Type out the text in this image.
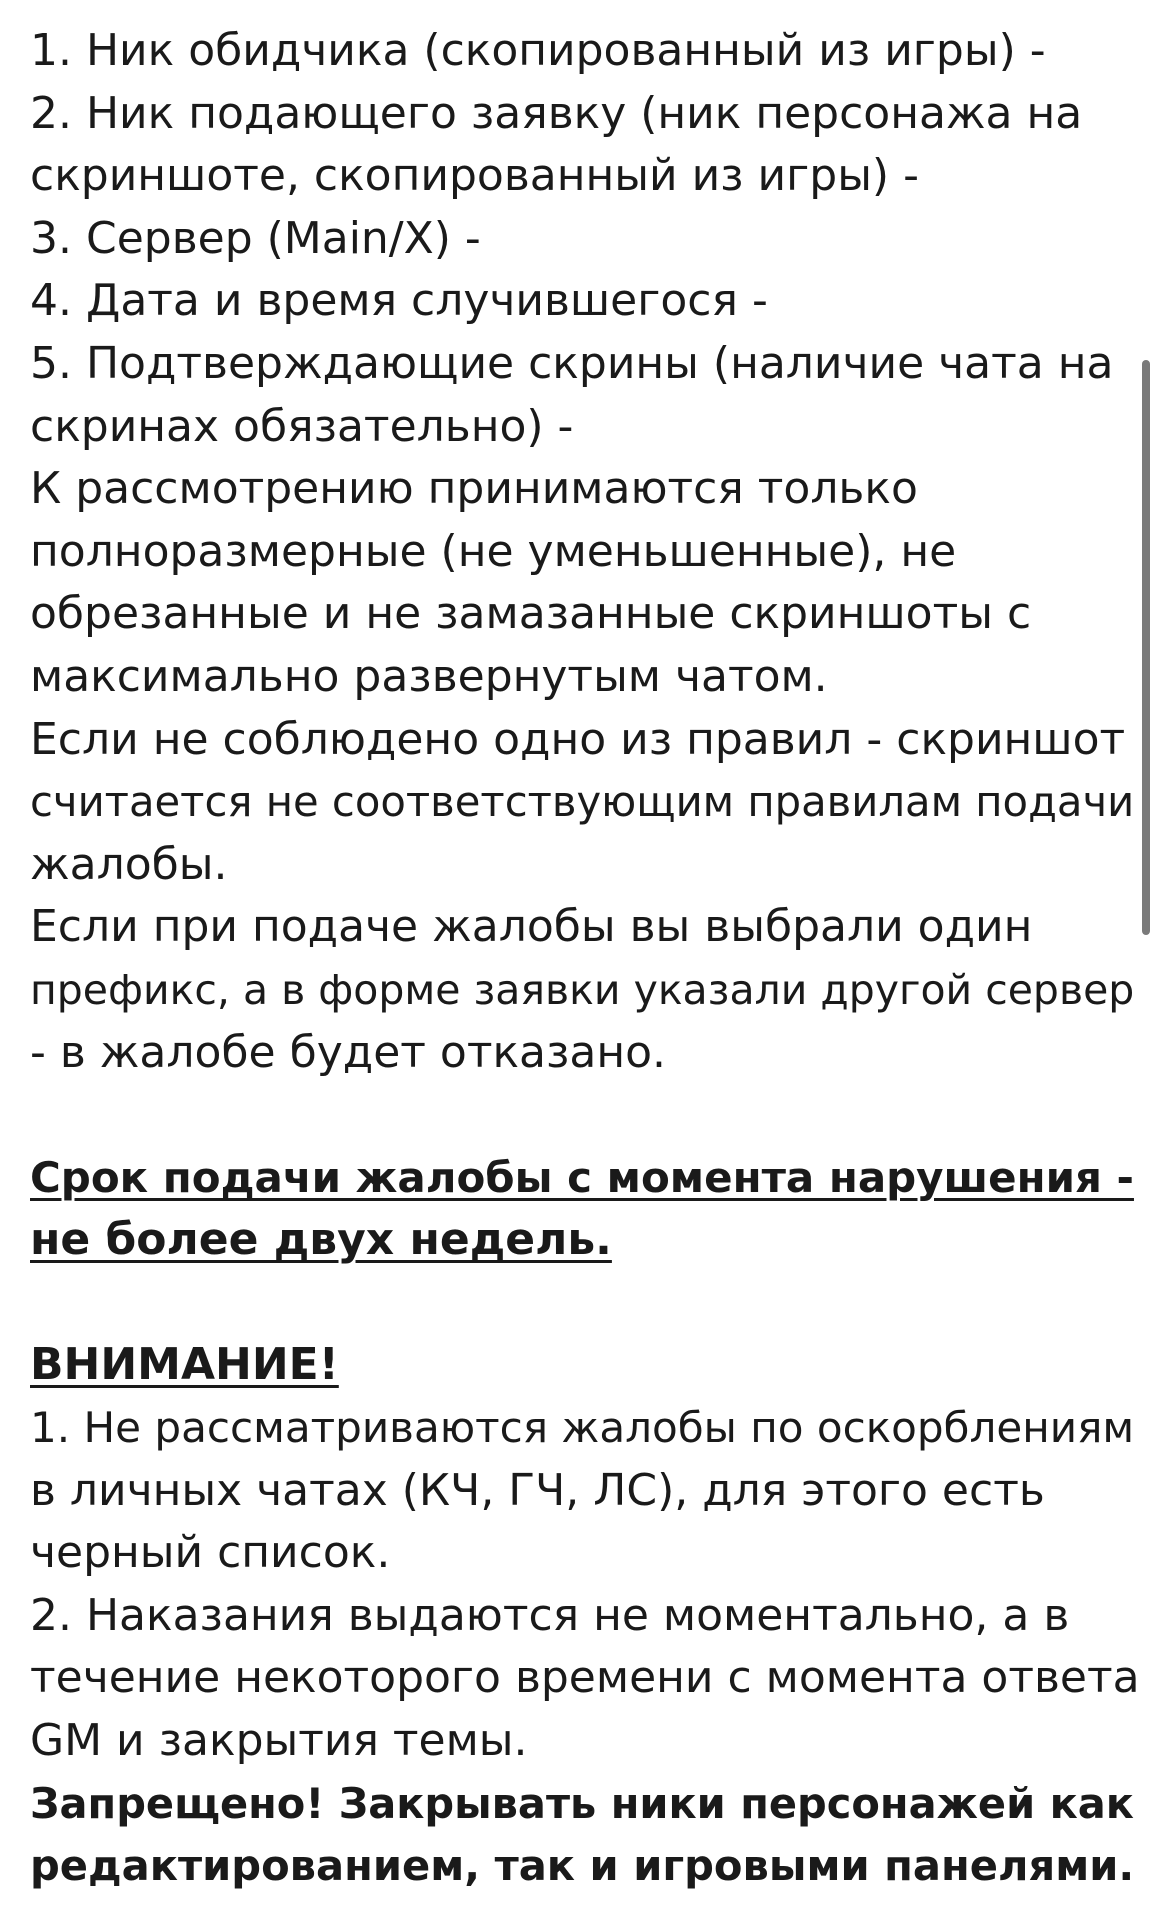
1. Ник обидчика (скопированный из игры) -
2. Ник подающего заявку (ник персонажа на
скриншоте, скопированный из игры) -
3. Сервер (Main/X) -
4. Дата и время случившегося -
5. Подтверждающие скрины (наличие чата на
скринах обязательно) -
К рассмотрению принимаются только
полноразмерные (не уменьшенные), не
обрезанные и не замазанные скриншоты с
максимально развернутым чатом.
Если не соблюдено одно из правил - скриншот
считается не соответствующим правилам подачи
жалобы.
Если при подаче жалобы вы выбрали один
префикс, а в форме заявки указали другой сервер
- в жалобе будет отказано.
Срок подачи жалобы с момента нарушения -
не более двух недель.
ВНИМАНИЕ!
1. Не рассматриваются жалобы по оскорблениям
в личных чатах (КЧ, ГЧ, ЛС), для этого есть
черный список.
2. Наказания выдаются не моментально, а в
течение некоторого времени с момента ответа
GM и закрытия темы.
Запрещено! Закрывать ники персонажей как
редактированием, так и игровыми панелями.
